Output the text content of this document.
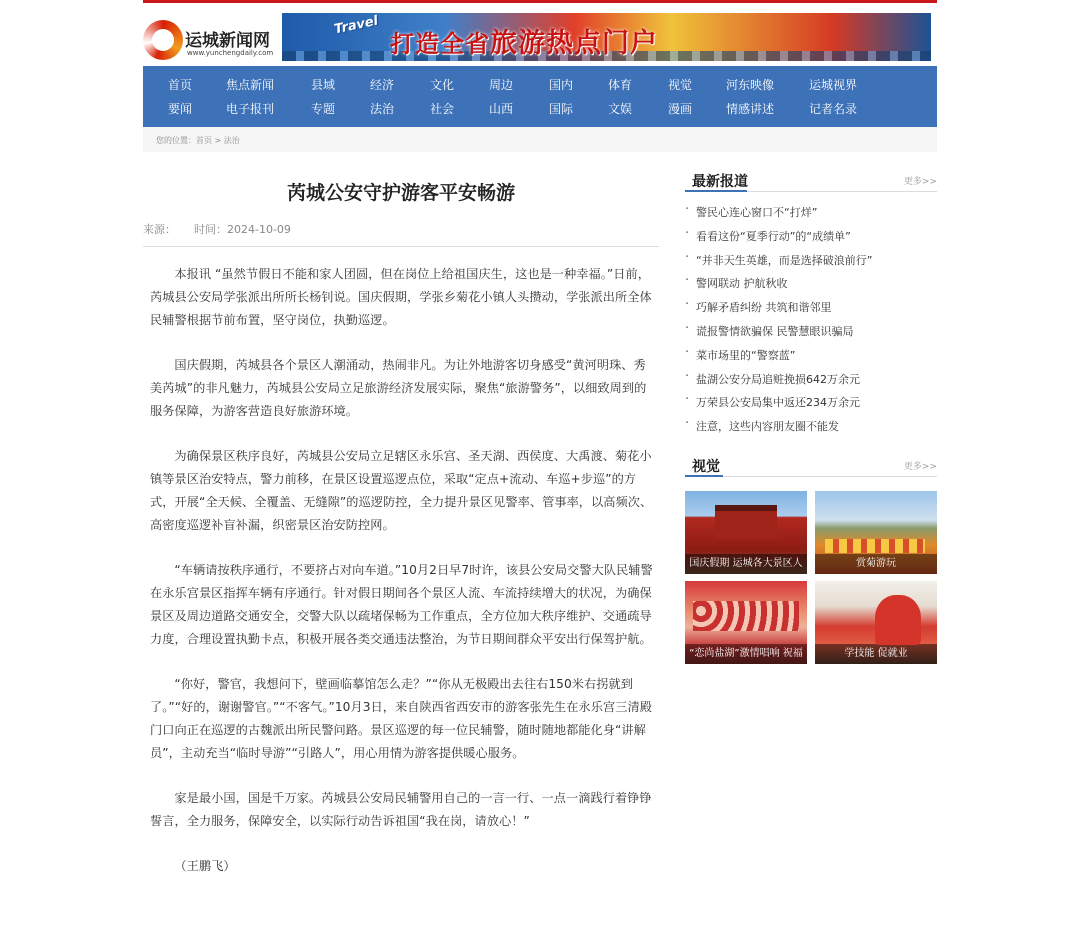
运城新闻网
www.yunchengdaily.com
Travel
打造全省旅游热点门户
首页	焦点新闻	县域	经济	文化	周边	国内	体育	视觉	河东映像	运城视界
要闻	电子报刊	专题	法治	社会	山西	国际	文娱	漫画	情感讲述	记者名录
您的位置：首页 > 法治
芮城公安守护游客平安畅游
来源： 时间：2024-10-09

本报讯 “虽然节假日不能和家人团圆，但在岗位上给祖国庆生，这也是一种幸福。”日前，芮城县公安局学张派出所所长杨钊说。国庆假期，学张乡菊花小镇人头攒动，学张派出所全体民辅警根据节前布置，坚守岗位，执勤巡逻。

国庆假期，芮城县各个景区人潮涌动，热闹非凡。为让外地游客切身感受“黄河明珠、秀美芮城”的非凡魅力，芮城县公安局立足旅游经济发展实际，聚焦“旅游警务”，以细致周到的服务保障，为游客营造良好旅游环境。

为确保景区秩序良好，芮城县公安局立足辖区永乐宫、圣天湖、西侯度、大禹渡、菊花小镇等景区治安特点，警力前移，在景区设置巡逻点位，采取“定点+流动、车巡+步巡”的方式，开展“全天候、全覆盖、无缝隙”的巡逻防控，全力提升景区见警率、管事率，以高频次、高密度巡逻补盲补漏，织密景区治安防控网。

“车辆请按秩序通行，不要挤占对向车道。”10月2日早7时许，该县公安局交警大队民辅警在永乐宫景区指挥车辆有序通行。针对假日期间各个景区人流、车流持续增大的状况，为确保景区及周边道路交通安全，交警大队以疏堵保畅为工作重点，全方位加大秩序维护、交通疏导力度，合理设置执勤卡点，积极开展各类交通违法整治，为节日期间群众平安出行保驾护航。

“你好，警官，我想问下，壁画临摹馆怎么走？”“你从无极殿出去往右150米右拐就到了。”“好的，谢谢警官。”“不客气。”10月3日，来自陕西省西安市的游客张先生在永乐宫三清殿门口向正在巡逻的古魏派出所民警问路。景区巡逻的每一位民辅警，随时随地都能化身“讲解员”，主动充当“临时导游”“引路人”，用心用情为游客提供暖心服务。

家是最小国，国是千万家。芮城县公安局民辅警用自己的一言一行、一点一滴践行着铮铮誓言，全力服务，保障安全，以实际行动告诉祖国“我在岗，请放心！”

（王鹏飞）

最新报道	更多>>
· 警民心连心窗口不“打烊”
· 看看这份“夏季行动”的“成绩单”
· “并非天生英雄，而是选择破浪前行”
· 警网联动 护航秋收
· 巧解矛盾纠纷 共筑和谐邻里
· 谎报警情欲骗保 民警慧眼识骗局
· 菜市场里的“警察蓝”
· 盐湖公安分局追赃挽损642万余元
· 万荣县公安局集中返还234万余元
· 注意，这些内容朋友圈不能发
视觉	更多>>
国庆假期 运城各大景区人	赏菊游玩
“恋尚盐湖”激情唱响 祝福	学技能 促就业
